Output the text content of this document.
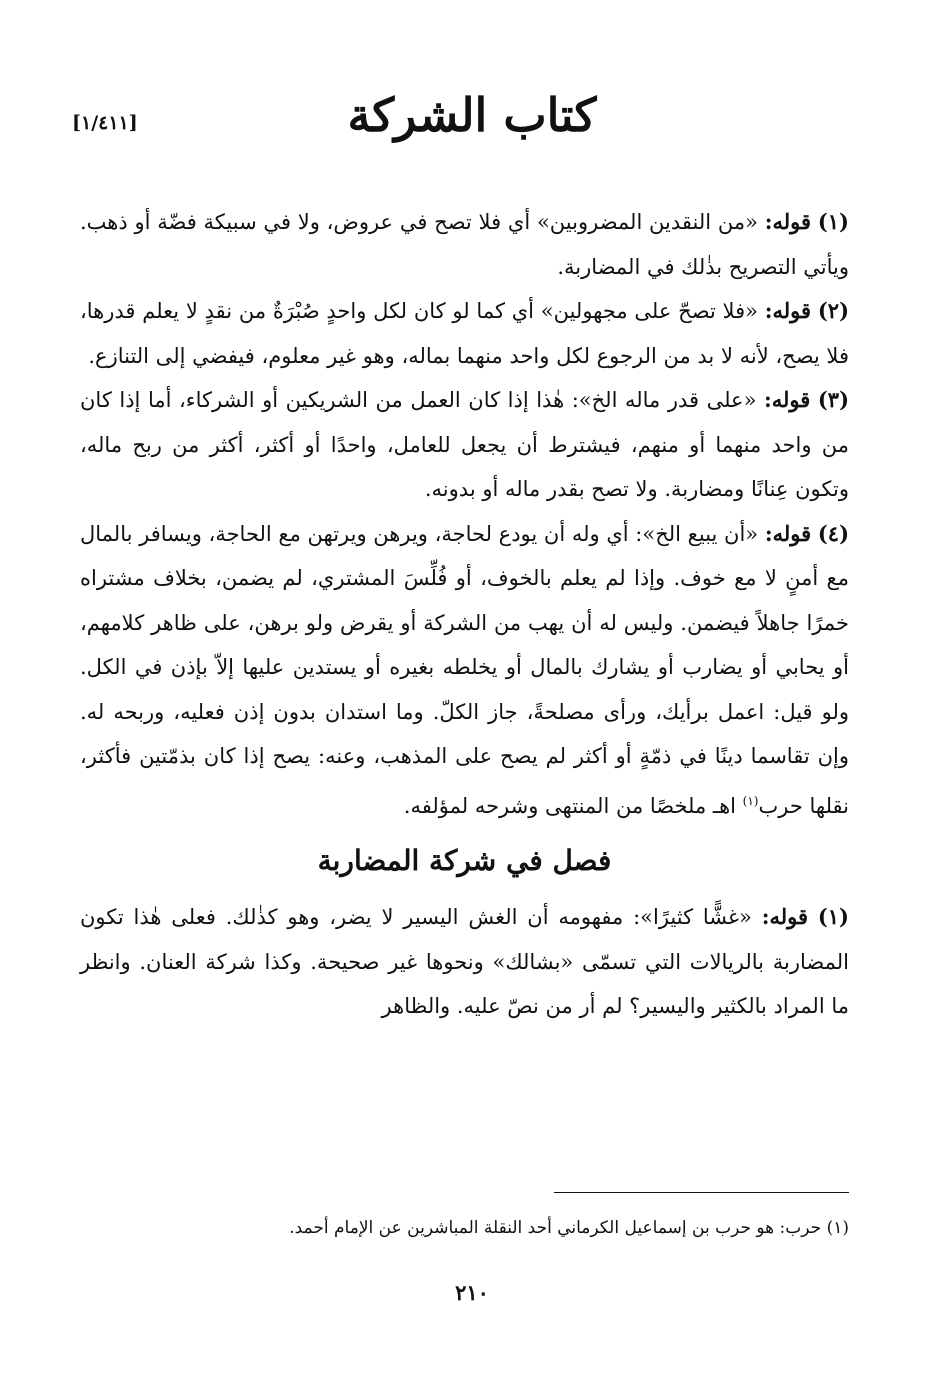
[١/٤١١]	كتاب الشركة

(١) قوله: «من النقدين المضروبين» أي فلا تصح في عروض، ولا في سبيكة فضّة أو ذهب. ويأتي التصريح بذٰلك في المضاربة.

(٢) قوله: «فلا تصحّ على مجهولين» أي كما لو كان لكل واحدٍ صُبْرَةٌ من نقدٍ لا يعلم قدرها، فلا يصح، لأنه لا بد من الرجوع لكل واحد منهما بماله، وهو غير معلوم، فيفضي إلى التنازع.

(٣) قوله: «على قدر ماله الخ»: هٰذا إذا كان العمل من الشريكين أو الشركاء، أما إذا كان من واحد منهما أو منهم، فيشترط أن يجعل للعامل، واحدًا أو أكثر، أكثر من ربح ماله، وتكون عِنانًا ومضاربة. ولا تصح بقدر ماله أو بدونه.

(٤) قوله: «أن يبيع الخ»: أي وله أن يودع لحاجة، ويرهن ويرتهن مع الحاجة، ويسافر بالمال مع أمنٍ لا مع خوف. وإذا لم يعلم بالخوف، أو فُلِّسَ المشتري، لم يضمن، بخلاف مشتراه خمرًا جاهلاً فيضمن. وليس له أن يهب من الشركة أو يقرض ولو برهن، على ظاهر كلامهم، أو يحابي أو يضارب أو يشارك بالمال أو يخلطه بغيره أو يستدين عليها إلاّ بإذن في الكل. ولو قيل: اعمل برأيك، ورأى مصلحةً، جاز الكلّ. وما استدان بدون إذن فعليه، وربحه له. وإن تقاسما دينًا في ذمّةٍ أو أكثر لم يصح على المذهب، وعنه: يصح إذا كان بذمّتين فأكثر، نقلها حرب$^{(١)}$ اهـ ملخصًا من المنتهى وشرحه لمؤلفه.

فصل في شركة المضاربة

(١) قوله: «غشًّا كثيرًا»: مفهومه أن الغش اليسير لا يضر، وهو كذٰلك. فعلى هٰذا تكون المضاربة بالريالات التي تسمّى «بشالك» ونحوها غير صحيحة. وكذا شركة العنان. وانظر ما المراد بالكثير واليسير؟ لم أر من نصّ عليه. والظاهر

(١) حرب: هو حرب بن إسماعيل الكرماني أحد النقلة المباشرين عن الإمام أحمد.
٢١٠
